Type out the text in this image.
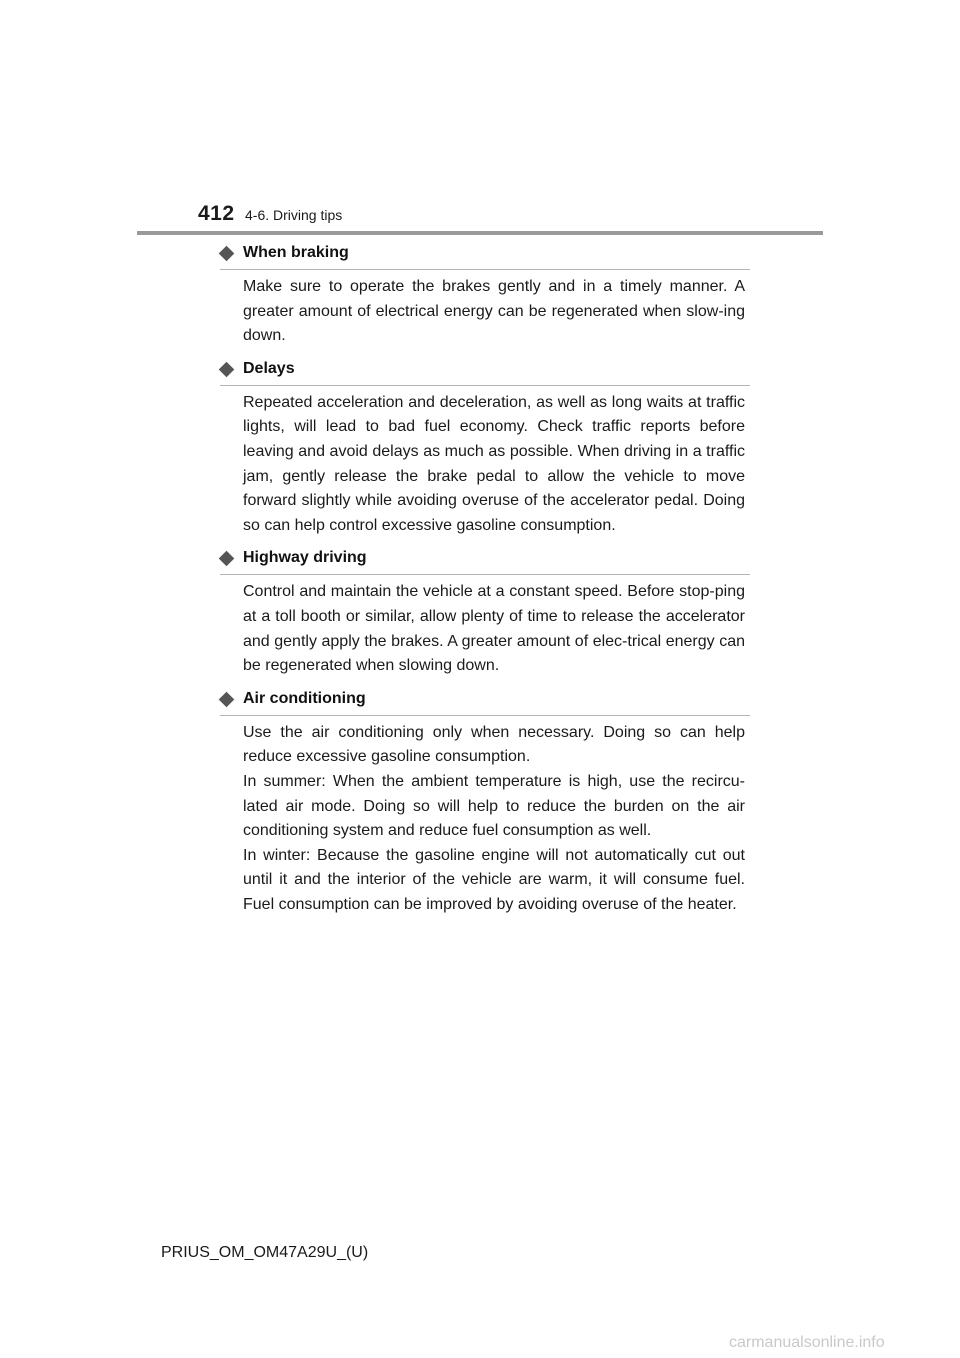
412 4-6. Driving tips
When braking

Make sure to operate the brakes gently and in a timely manner. A greater amount of electrical energy can be regenerated when slow-ing down.

Delays

Repeated acceleration and deceleration, as well as long waits at traffic lights, will lead to bad fuel economy. Check traffic reports before leaving and avoid delays as much as possible. When driving in a traffic jam, gently release the brake pedal to allow the vehicle to move forward slightly while avoiding overuse of the accelerator pedal. Doing so can help control excessive gasoline consumption.

Highway driving

Control and maintain the vehicle at a constant speed. Before stop-ping at a toll booth or similar, allow plenty of time to release the accelerator and gently apply the brakes. A greater amount of elec-trical energy can be regenerated when slowing down.

Air conditioning

Use the air conditioning only when necessary. Doing so can help reduce excessive gasoline consumption.

In summer: When the ambient temperature is high, use the recircu-lated air mode. Doing so will help to reduce the burden on the air conditioning system and reduce fuel consumption as well.

In winter: Because the gasoline engine will not automatically cut out until it and the interior of the vehicle are warm, it will consume fuel. Fuel consumption can be improved by avoiding overuse of the heater.

PRIUS_OM_OM47A29U_(U)
carmanualsonline.info
